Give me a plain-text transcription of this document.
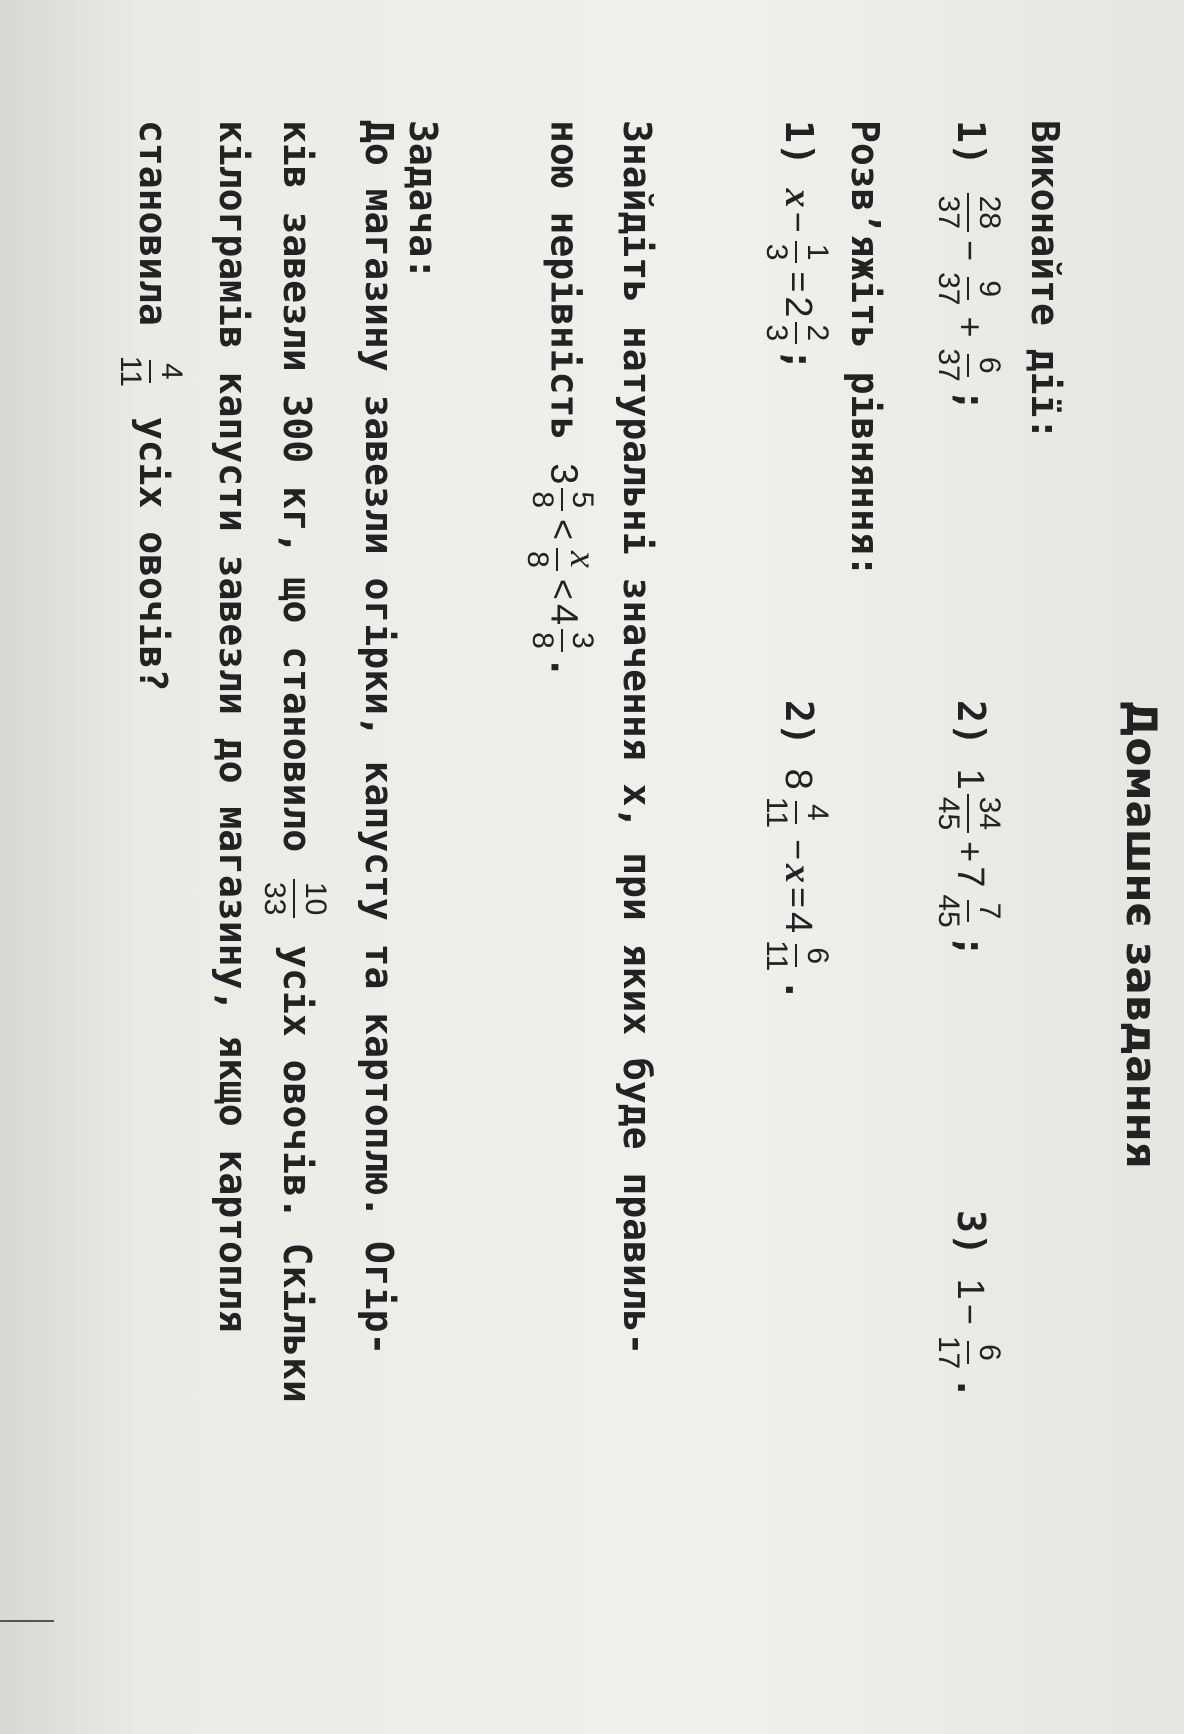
Домашнє завдання
Виконайте дії:
1)
28
37
−
9
37
+
6
37
;
2) 1
34
45
+7
7
45
;
3) 1−
6
17
.
Розв’яжіть рівняння:
1) x−
1
3
=2
2
3
;
2) 8
4
11
−x=4
6
11
.
Знайдіть натуральні значення x, при яких буде правиль-
ною нерівність 3
5
8
<
x
8
<4
3
8
.
Задача:
До магазину завезли огірки, капусту та картоплю. Огір-
ків завезли 300 кг, що становило
10
33
усіх овочів. Скільки
кілограмів капусти завезли до магазину, якщо картопля
становила
4
11
усіх овочів?
